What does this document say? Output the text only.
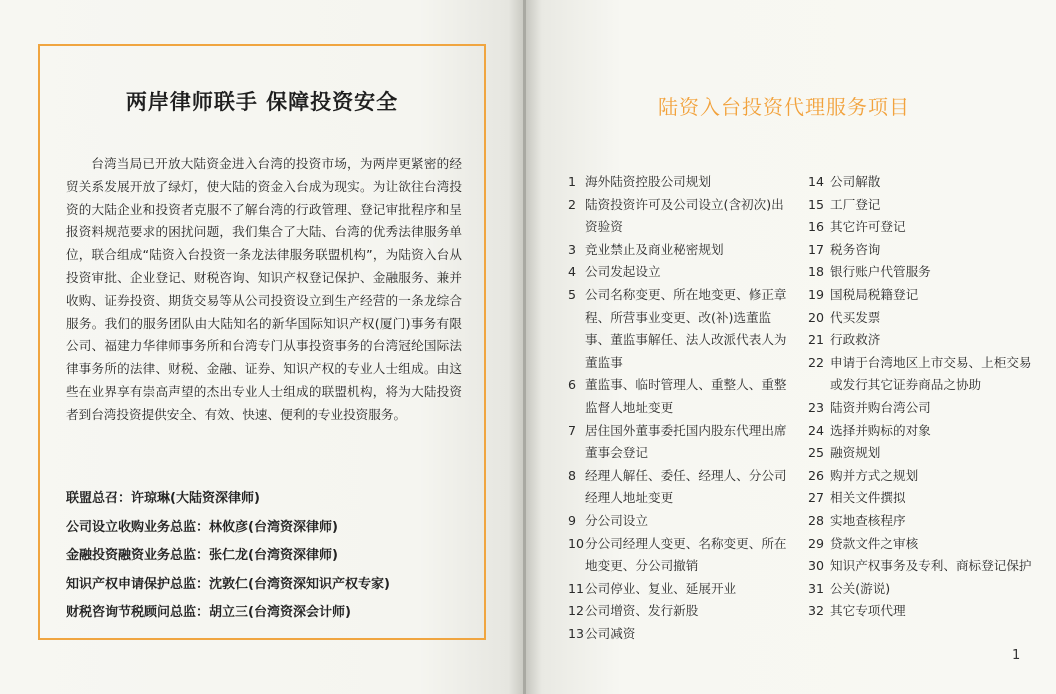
两岸律师联手 保障投资安全

台湾当局已开放大陆资金进入台湾的投资市场，为两岸更紧密的经贸关系发展开放了绿灯，使大陆的资金入台成为现实。为让欲往台湾投资的大陆企业和投资者克服不了解台湾的行政管理、登记审批程序和呈报资料规范要求的困扰问题，我们集合了大陆、台湾的优秀法律服务单位，联合组成“陆资入台投资一条龙法律服务联盟机构”，为陆资入台从投资审批、企业登记、财税咨询、知识产权登记保护、金融服务、兼并收购、证券投资、期货交易等从公司投资设立到生产经营的一条龙综合服务。我们的服务团队由大陆知名的新华国际知识产权(厦门)事务有限公司、福建力华律师事务所和台湾专门从事投资事务的台湾冠纶国际法律事务所的法律、财税、金融、证券、知识产权的专业人士组成。由这些在业界享有崇高声望的杰出专业人士组成的联盟机构，将为大陆投资者到台湾投资提供安全、有效、快速、便利的专业投资服务。

联盟总召：许琼琳(大陆资深律师)
公司设立收购业务总监：林攸彦(台湾资深律师)
金融投资融资业务总监：张仁龙(台湾资深律师)
知识产权申请保护总监：沈敦仁(台湾资深知识产权专家)
财税咨询节税顾问总监：胡立三(台湾资深会计师)
陆资入台投资代理服务项目
1 海外陆资控股公司规划
2 陆资投资许可及公司设立(含初次)出资验资
3 竞业禁止及商业秘密规划
4 公司发起设立
5 公司名称变更、所在地变更、修正章程、所营事业变更、改(补)选董监事、董监事解任、法人改派代表人为董监事
6 董监事、临时管理人、重整人、重整监督人地址变更
7 居住国外董事委托国内股东代理出席董事会登记
8 经理人解任、委任、经理人、分公司经理人地址变更
9 分公司设立
10 分公司经理人变更、名称变更、所在地变更、分公司撤销
11 公司停业、复业、延展开业
12 公司增资、发行新股
13 公司减资
14 公司解散
15 工厂登记
16 其它许可登记
17 税务咨询
18 银行账户代管服务
19 国税局税籍登记
20 代买发票
21 行政救济
22 申请于台湾地区上市交易、上柜交易或发行其它证券商品之协助
23 陆资并购台湾公司
24 选择并购标的对象
25 融资规划
26 购并方式之规划
27 相关文件撰拟
28 实地查核程序
29 贷款文件之审核
30 知识产权事务及专利、商标登记保护
31 公关(游说)
32 其它专项代理
1
